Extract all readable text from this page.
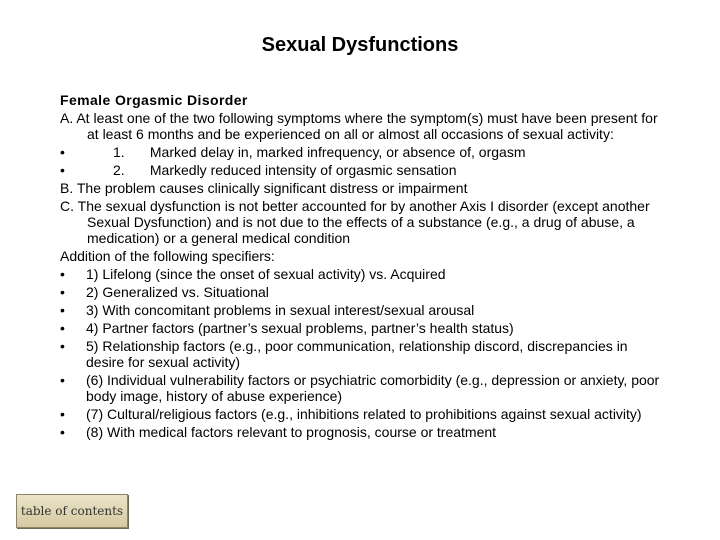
Sexual Dysfunctions
Female Orgasmic Disorder
A. At least one of the two following symptoms where the symptom(s) must have been present for at least 6 months and be experienced on all or almost all occasions of sexual activity:
•	1. Marked delay in, marked infrequency, or absence of, orgasm
•	2. Markedly reduced intensity of orgasmic sensation
B. The problem causes clinically significant distress or impairment
C. The sexual dysfunction is not better accounted for by another Axis I disorder (except another Sexual Dysfunction) and is not due to the effects of a substance (e.g., a drug of abuse, a medication) or a general medical condition
Addition of the following specifiers:
•	1) Lifelong (since the onset of sexual activity) vs. Acquired
•	2) Generalized vs. Situational
•	3) With concomitant problems in sexual interest/sexual arousal
•	4) Partner factors (partner’s sexual problems, partner’s health status)
•	5) Relationship factors (e.g., poor communication, relationship discord, discrepancies in desire for sexual activity)
•	(6) Individual vulnerability factors or psychiatric comorbidity (e.g., depression or anxiety, poor body image, history of abuse experience)
•	(7) Cultural/religious factors (e.g., inhibitions related to prohibitions against sexual activity)
•	(8) With medical factors relevant to prognosis, course or treatment
table of contents
